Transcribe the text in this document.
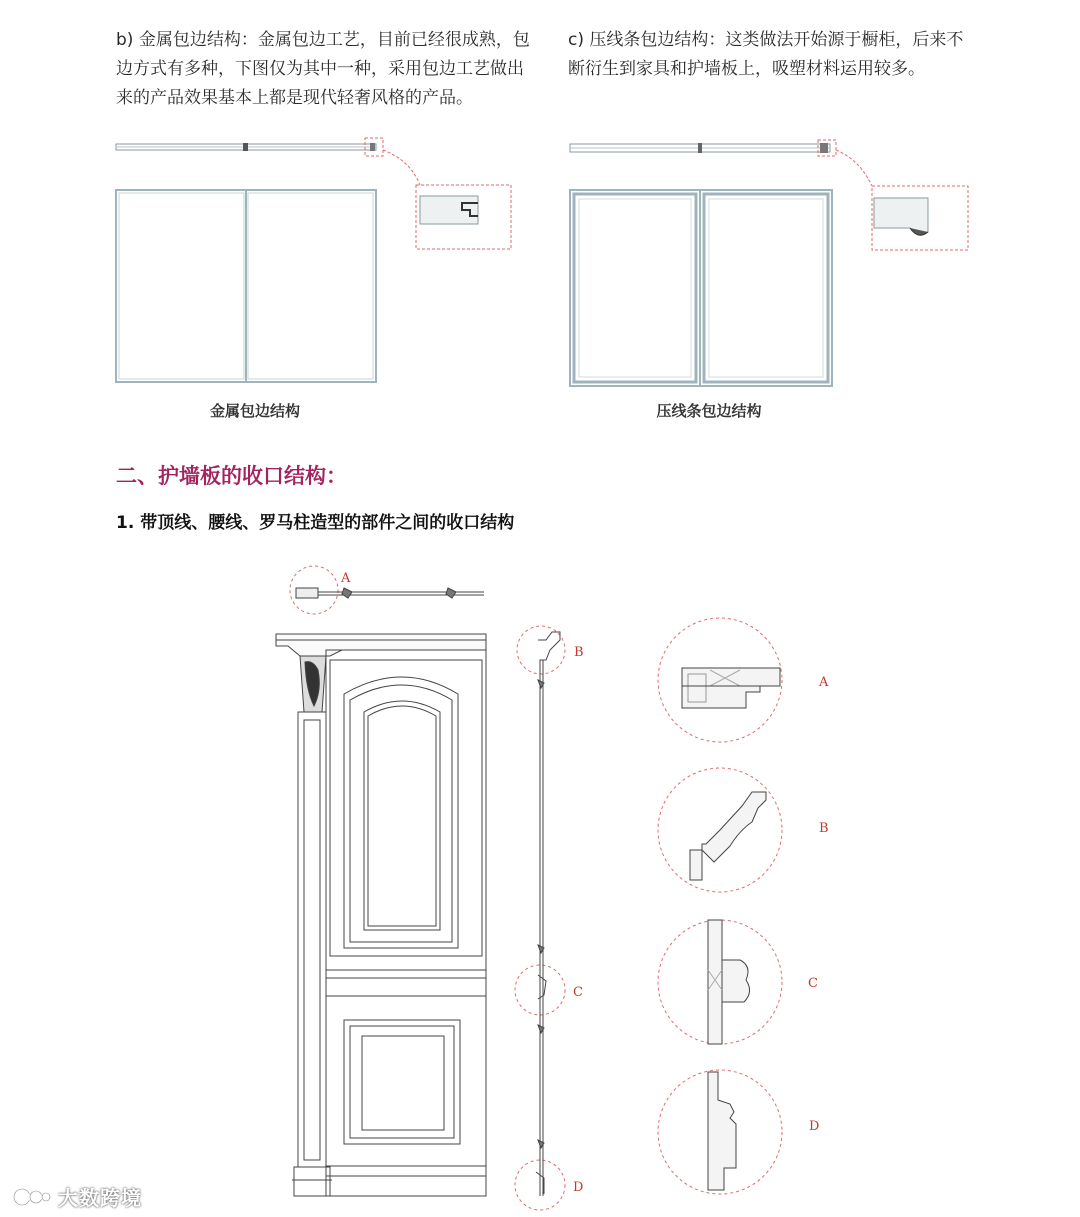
b) 金属包边结构：金属包边工艺，目前已经很成熟，包边方式有多种，下图仅为其中一种，采用包边工艺做出来的产品效果基本上都是现代轻奢风格的产品。
c) 压线条包边结构：这类做法开始源于橱柜，后来不断衍生到家具和护墙板上，吸塑材料运用较多。
A
B
C
D
A
B
C
D
金属包边结构	压线条包边结构
二、护墙板的收口结构：
1. 带顶线、腰线、罗马柱造型的部件之间的收口结构
大数跨境
